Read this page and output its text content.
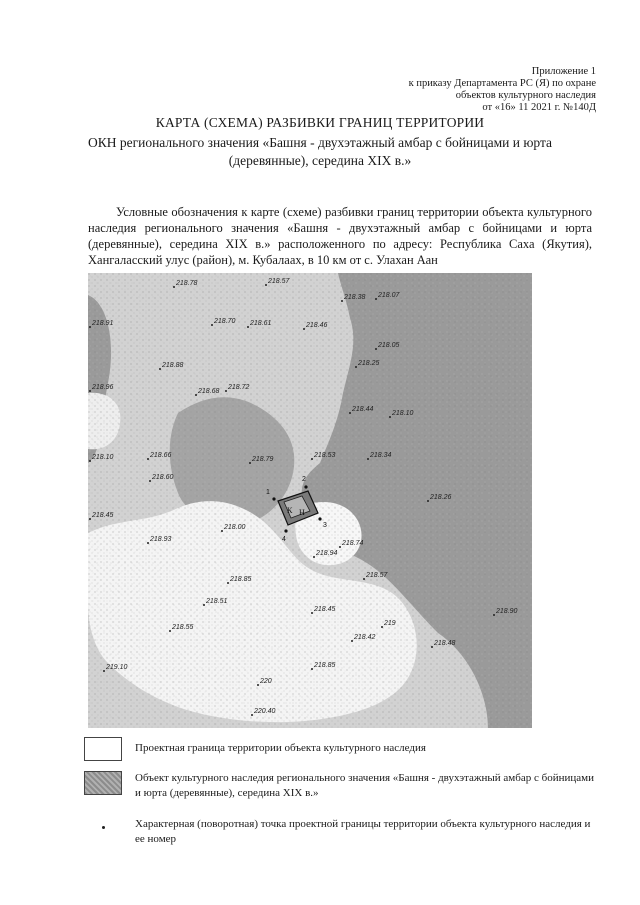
Приложение 1
к приказу Департамента РС (Я) по охране
объектов культурного наследия
от «16» 11 2021 г. №140Д
КАРТА (СХЕМА) РАЗБИВКИ ГРАНИЦ ТЕРРИТОРИИ
ОКН регионального значения «Башня - двухэтажный амбар с бойницами и юрта
(деревянные), середина XIX в.»

Условные обозначения к карте (схеме) разбивки границ территории объекта культурного наследия регионального значения «Башня - двухэтажный амбар с бойницами и юрта (деревянные), середина XIX в.» расположенного по адресу: Республика Саха (Якутия), Хангаласский улус (район), м. Кубалаах, в 10 км от с. Улахан Аан

К Н
1
2
3
4
218.78	218.57
218.38 218.07
218.91	218.70 218.61	218.46
218.05
218.88	218.25
218.96
218.68
218.72
218.44
218.10
218.10	218.66
218.79
218.53	218.34
218.26
218.60
218.45
218.00
218.93
218.74
218.94
218.57
218.85
218.51
218.45	218.90
218.55
218.42
219.10	218.85
218.48
220.40
219
220
Проектная граница территории объекта культурного наследия
Объект культурного наследия регионального значения «Башня - двухэтажный амбар с бойницами и юрта (деревянные), середина XIX в.»
Характерная (поворотная) точка проектной границы территории объекта культурного наследия и ее номер
